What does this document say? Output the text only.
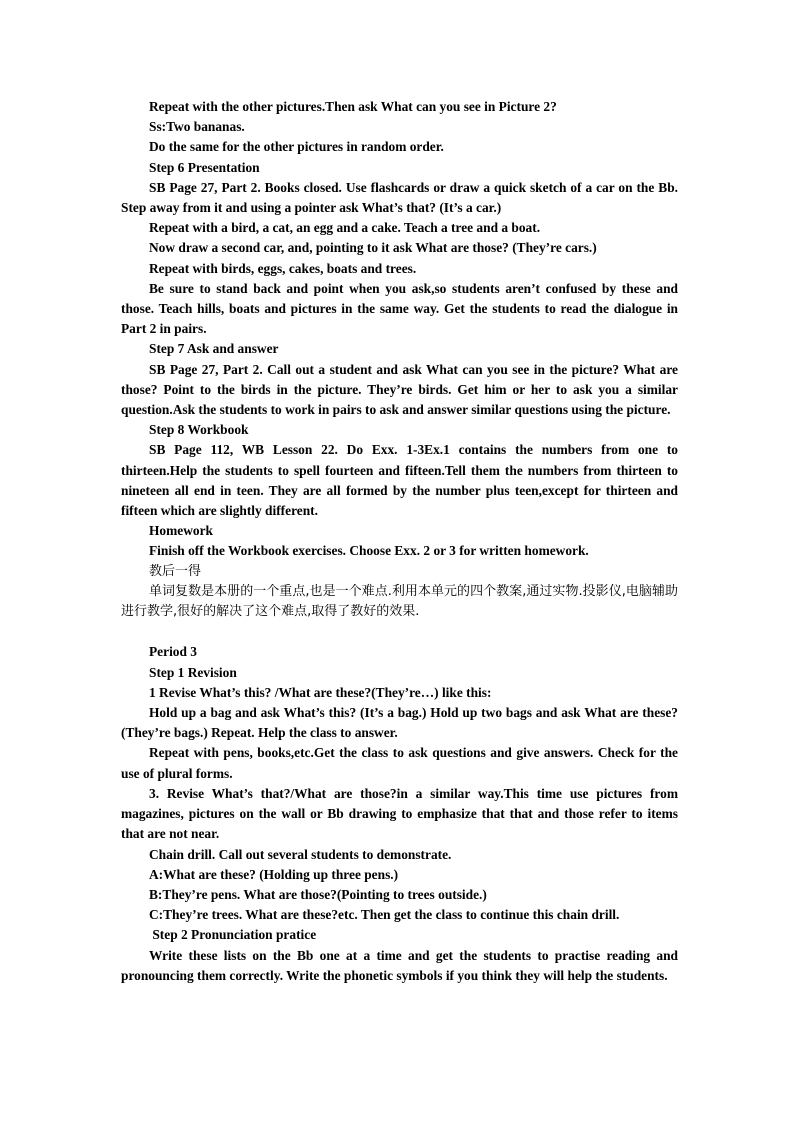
Repeat with the other pictures.Then ask What can you see in Picture 2?

Ss:Two bananas.

Do the same for the other pictures in random order.

Step 6 Presentation

SB Page 27, Part 2. Books closed. Use flashcards or draw a quick sketch of a car on the Bb. Step away from it and using a pointer ask What’s that? (It’s a car.)

Repeat with a bird, a cat, an egg and a cake. Teach a tree and a boat.

Now draw a second car, and, pointing to it ask What are those? (They’re cars.)

Repeat with birds, eggs, cakes, boats and trees.

Be sure to stand back and point when you ask,so students aren’t confused by these and those. Teach hills, boats and pictures in the same way. Get the students to read the dialogue in Part 2 in pairs.

Step 7 Ask and answer

SB Page 27, Part 2. Call out a student and ask What can you see in the picture? What are those? Point to the birds in the picture. They’re birds. Get him or her to ask you a similar question.Ask the students to work in pairs to ask and answer similar questions using the picture.

Step 8 Workbook

SB Page 112, WB Lesson 22. Do Exx. 1-3Ex.1 contains the numbers from one to thirteen.Help the students to spell fourteen and fifteen.Tell them the numbers from thirteen to nineteen all end in teen. They are all formed by the number plus teen,except for thirteen and fifteen which are slightly different.

Homework

Finish off the Workbook exercises. Choose Exx. 2 or 3 for written homework.

教后一得

单词复数是本册的一个重点,也是一个难点.利用本单元的四个教案,通过实物.投影仪,电脑辅助进行教学,很好的解决了这个难点,取得了教好的效果.

Period 3

Step 1 Revision

1 Revise What’s this? /What are these?(They’re…) like this:

Hold up a bag and ask What’s this? (It’s a bag.) Hold up two bags and ask What are these?(They’re bags.) Repeat. Help the class to answer.

Repeat with pens, books,etc.Get the class to ask questions and give answers. Check for the use of plural forms.

3. Revise What’s that?/What are those?in a similar way.This time use pictures from magazines, pictures on the wall or Bb drawing to emphasize that that and those refer to items that are not near.

Chain drill. Call out several students to demonstrate.

A:What are these? (Holding up three pens.)

B:They’re pens. What are those?(Pointing to trees outside.)

C:They’re trees. What are these?etc. Then get the class to continue this chain drill.

Step 2 Pronunciation pratice

Write these lists on the Bb one at a time and get the students to practise reading and pronouncing them correctly. Write the phonetic symbols if you think they will help the students.
